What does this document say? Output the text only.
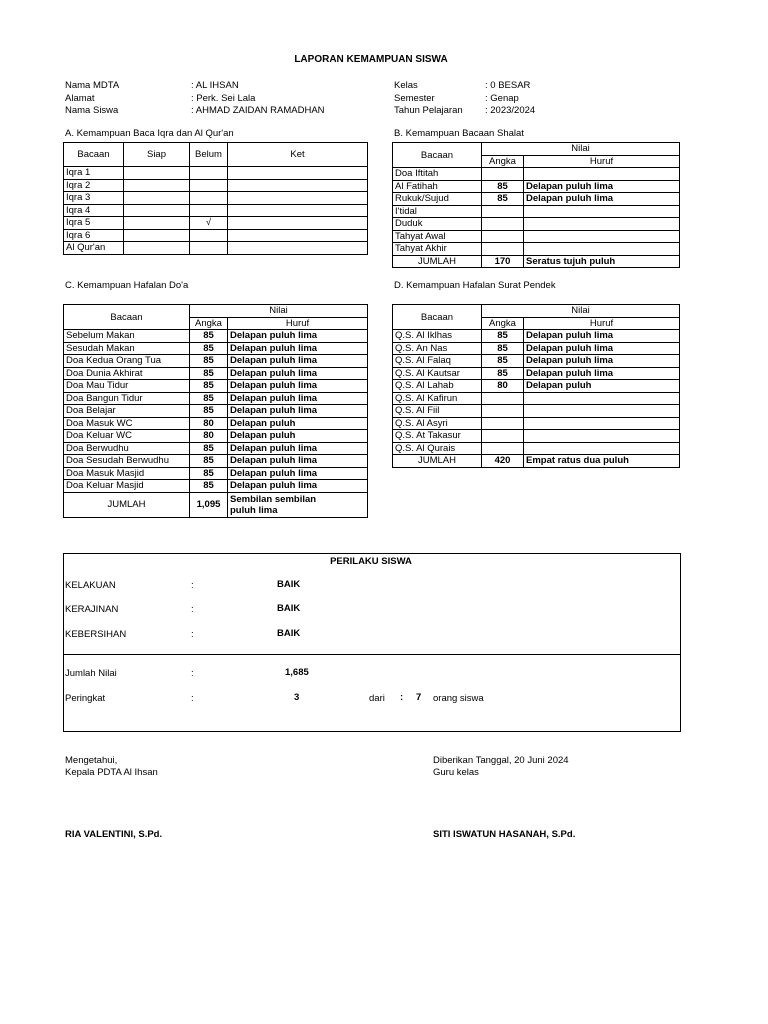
LAPORAN KEMAMPUAN SISWA
Nama MDTA	: AL IHSAN
Alamat	: Perk. Sei Lala
Nama Siswa	: AHMAD ZAIDAN RAMADHAN
Kelas	: 0 BESAR
Semester	: Genap
Tahun Pelajaran : 2023/2024
A. Kemampuan Baca Iqra dan Al Qur'an
Bacaan	Siap	Belum	Ket
Iqra 1			
Iqra 2			
Iqra 3			
Iqra 4			
Iqra 5		√	
Iqra 6			
Al Qur'an			
B. Kemampuan Bacaan Shalat
Bacaan	Nilai	
	Angka	Huruf
Doa Iftitah		
Al Fatihah	85	Delapan puluh lima
Rukuk/Sujud	85	Delapan puluh lima
I'tidal		
Duduk		
Tahyat Awal		
Tahyat Akhir		
JUMLAH	170	Seratus tujuh puluh
C. Kemampuan Hafalan Do'a
Bacaan	Nilai	
	Angka	Huruf
Sebelum Makan	85	Delapan puluh lima
Sesudah Makan	85	Delapan puluh lima
Doa Kedua Orang Tua	85	Delapan puluh lima
Doa Dunia Akhirat	85	Delapan puluh lima
Doa Mau Tidur	85	Delapan puluh lima
Doa Bangun Tidur	85	Delapan puluh lima
Doa Belajar	85	Delapan puluh lima
Doa Masuk WC	80	Delapan puluh
Doa Keluar WC	80	Delapan puluh
Doa Berwudhu	85	Delapan puluh lima
Doa Sesudah Berwudhu	85	Delapan puluh lima
Doa Masuk Masjid	85	Delapan puluh lima
Doa Keluar Masjid	85	Delapan puluh lima
JUMLAH	1,095	Sembilan sembilan
puluh lima
D. Kemampuan Hafalan Surat Pendek
Bacaan	Nilai	
	Angka	Huruf
Q.S. Al Iklhas	85	Delapan puluh lima
Q.S. An Nas	85	Delapan puluh lima
Q.S. Al Falaq	85	Delapan puluh lima
Q.S. Al Kautsar	85	Delapan puluh lima
Q.S. Al Lahab	80	Delapan puluh
Q.S. Al Kafirun		
Q.S. Al Fiil		
Q.S. Al Asyri		
Q.S. At Takasur		
Q.S. Al Qurais		
JUMLAH	420	Empat ratus dua puluh
PERILAKU SISWA
KELAKUAN	:	BAIK
KERAJINAN	:	BAIK
KEBERSIHAN	:	BAIK
Jumlah Nilai	:	1,685
Peringkat	:	3	dari : 7 orang siswa
Mengetahui,
Kepala PDTA Al Ihsan
RIA VALENTINI, S.Pd.
Diberikan Tanggal, 20 Juni 2024
Guru kelas
SITI ISWATUN HASANAH, S.Pd.
